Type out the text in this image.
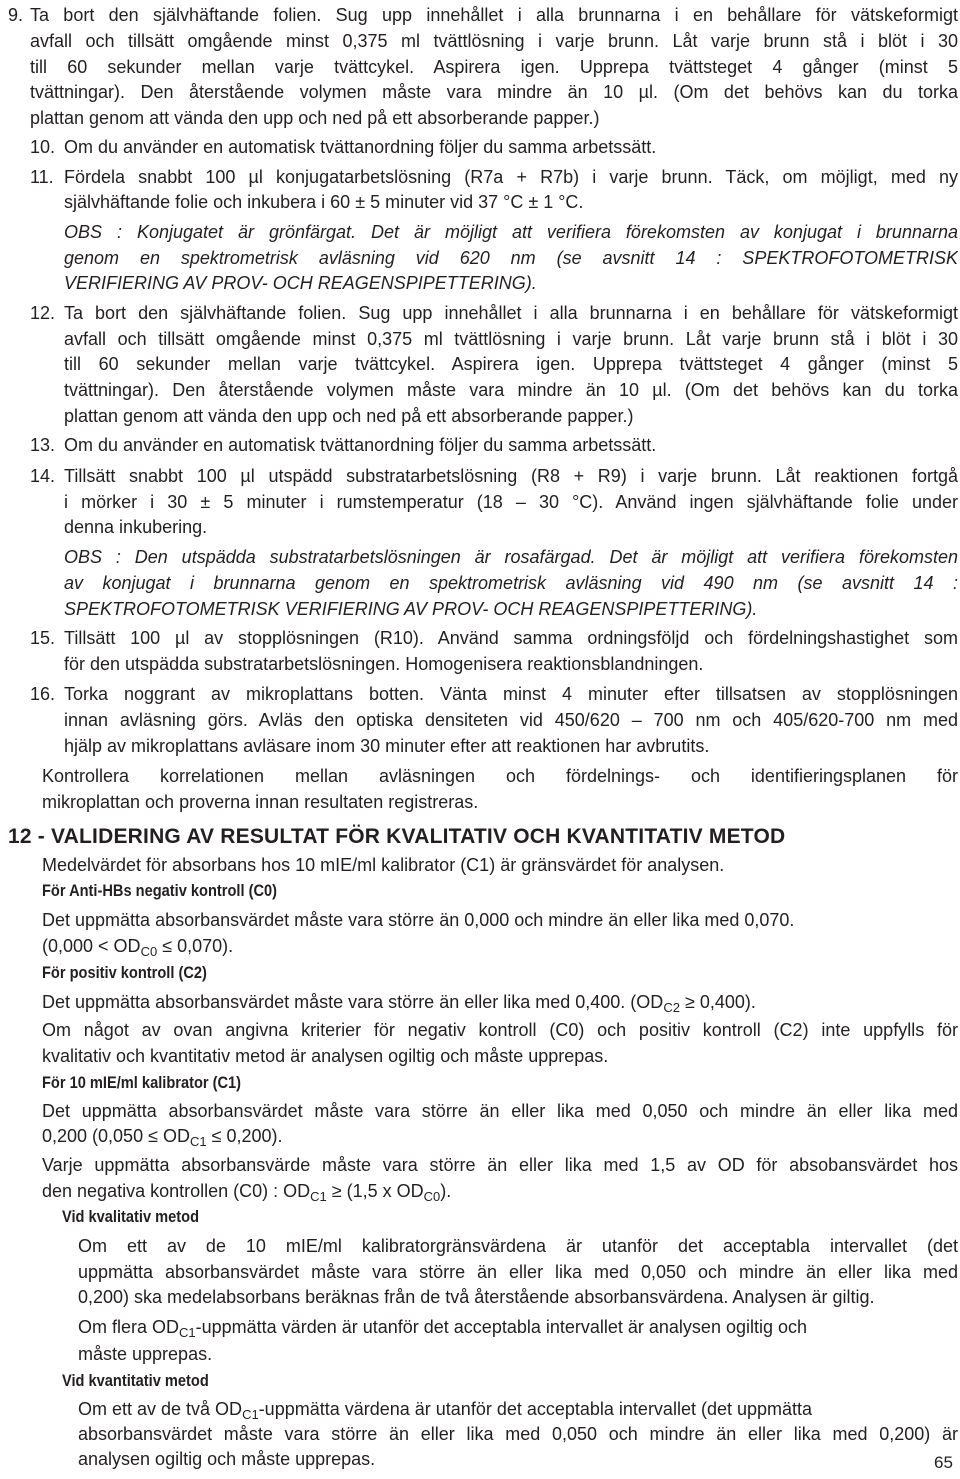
9. Ta bort den självhäftande folien. Sug upp innehållet i alla brunnarna i en behållare för vätskeformigt
avfall och tillsätt omgående minst 0,375 ml tvättlösning i varje brunn. Låt varje brunn stå i blöt i 30
till 60 sekunder mellan varje tvättcykel. Aspirera igen. Upprepa tvättsteget 4 gånger (minst 5
tvättningar). Den återstående volymen måste vara mindre än 10 µl. (Om det behövs kan du torka
plattan genom att vända den upp och ned på ett absorberande papper.)
10. Om du använder en automatisk tvättanordning följer du samma arbetssätt.
11. Fördela snabbt 100 µl konjugatarbetslösning (R7a + R7b) i varje brunn. Täck, om möjligt, med ny
självhäftande folie och inkubera i 60 ± 5 minuter vid 37 °C ± 1 °C.
OBS : Konjugatet är grönfärgat. Det är möjligt att verifiera förekomsten av konjugat i brunnarna
genom en spektrometrisk avläsning vid 620 nm (se avsnitt 14 : SPEKTROFOTOMETRISK
VERIFIERING AV PROV- OCH REAGENSPIPETTERING).
12. Ta bort den självhäftande folien. Sug upp innehållet i alla brunnarna i en behållare för vätskeformigt
avfall och tillsätt omgående minst 0,375 ml tvättlösning i varje brunn. Låt varje brunn stå i blöt i 30
till 60 sekunder mellan varje tvättcykel. Aspirera igen. Upprepa tvättsteget 4 gånger (minst 5
tvättningar). Den återstående volymen måste vara mindre än 10 µl. (Om det behövs kan du torka
plattan genom att vända den upp och ned på ett absorberande papper.)
13. Om du använder en automatisk tvättanordning följer du samma arbetssätt.
14. Tillsätt snabbt 100 µl utspädd substratarbetslösning (R8 + R9) i varje brunn. Låt reaktionen fortgå
i mörker i 30 ± 5 minuter i rumstemperatur (18 – 30 °C). Använd ingen självhäftande folie under
denna inkubering.
OBS : Den utspädda substratarbetslösningen är rosafärgad. Det är möjligt att verifiera förekomsten
av konjugat i brunnarna genom en spektrometrisk avläsning vid 490 nm (se avsnitt 14 :
SPEKTROFOTOMETRISK VERIFIERING AV PROV- OCH REAGENSPIPETTERING).
15. Tillsätt 100 µl av stopplösningen (R10). Använd samma ordningsföljd och fördelningshastighet som
för den utspädda substratarbetslösningen. Homogenisera reaktionsblandningen.
16. Torka noggrant av mikroplattans botten. Vänta minst 4 minuter efter tillsatsen av stopplösningen
innan avläsning görs. Avläs den optiska densiteten vid 450/620 – 700 nm och 405/620-700 nm med
hjälp av mikroplattans avläsare inom 30 minuter efter att reaktionen har avbrutits.
Kontrollera korrelationen mellan avläsningen och fördelnings- och identifieringsplanen för
mikroplattan och proverna innan resultaten registreras.
12 - VALIDERING AV RESULTAT FÖR KVALITATIV OCH KVANTITATIV METOD
Medelvärdet för absorbans hos 10 mIE/ml kalibrator (C1) är gränsvärdet för analysen.
För Anti-HBs negativ kontroll (C0)
Det uppmätta absorbansvärdet måste vara större än 0,000 och mindre än eller lika med 0,070.
$(0,000 < OD_{C0} \le 0,070)$.
För positiv kontroll (C2)
Det uppmätta absorbansvärdet måste vara större än eller lika med 0,400. $(OD_{C2} \ge 0,400)$.
Om något av ovan angivna kriterier för negativ kontroll (C0) och positiv kontroll (C2) inte uppfylls för
kvalitativ och kvantitativ metod är analysen ogiltig och måste upprepas.
För 10 mIE/ml kalibrator (C1)
Det uppmätta absorbansvärdet måste vara större än eller lika med 0,050 och mindre än eller lika med
0,200 $(0,050 \le OD_{C1} \le 0,200)$.
Varje uppmätta absorbansvärde måste vara större än eller lika med 1,5 av OD för absobansvärdet hos
den negativa kontrollen (C0) : $OD_{C1} \ge (1,5$ x $OD_{C0}$).
Vid kvalitativ metod
Om ett av de 10 mIE/ml kalibratorgränsvärdena är utanför det acceptabla intervallet (det
uppmätta absorbansvärdet måste vara större än eller lika med 0,050 och mindre än eller lika med
0,200) ska medelabsorbans beräknas från de två återstående absorbansvärdena. Analysen är giltig.
Om flera $OD_{C1}$-uppmätta värden är utanför det acceptabla intervallet är analysen ogiltig och
måste upprepas.
Vid kvantitativ metod
Om ett av de två $OD_{C1}$-uppmätta värdena är utanför det acceptabla intervallet (det uppmätta
absorbansvärdet måste vara större än eller lika med 0,050 och mindre än eller lika med 0,200) är
analysen ogiltig och måste upprepas.	65
